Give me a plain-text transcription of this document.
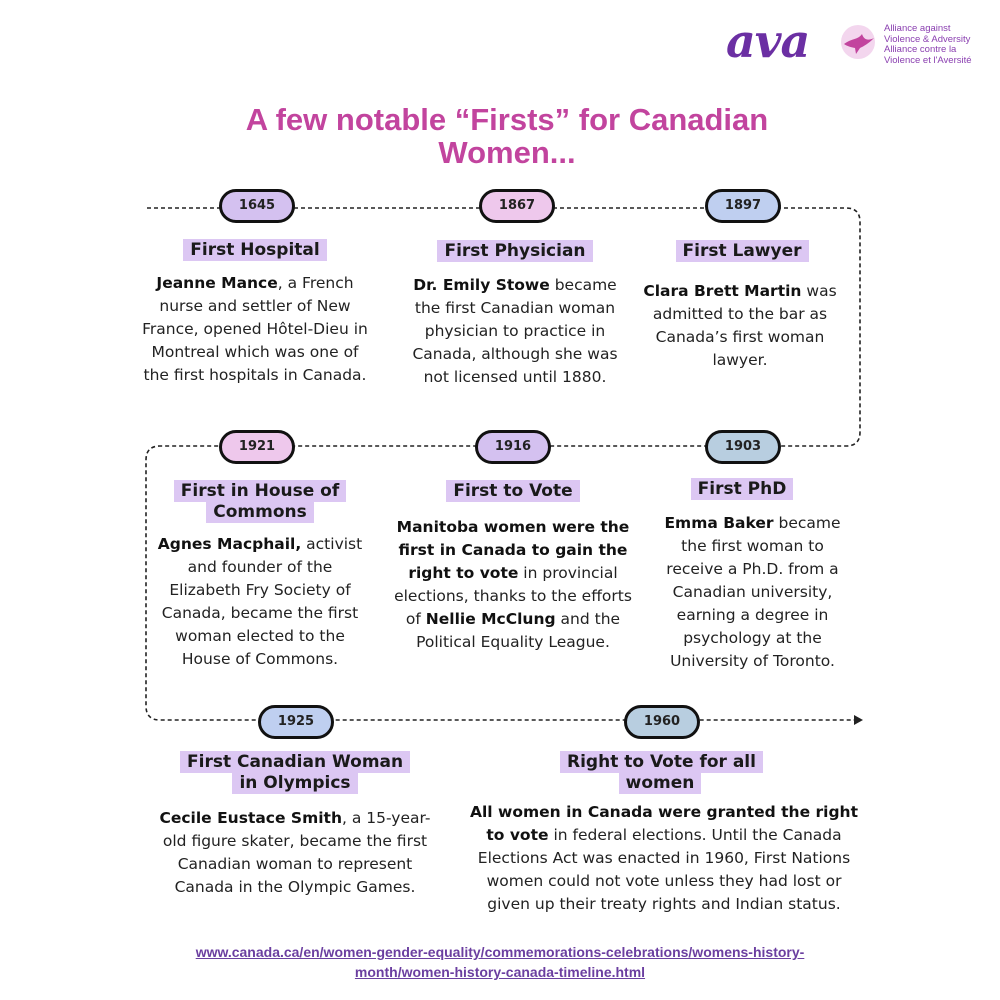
ava	Alliance against
Violence & Adversity
Alliance contre la
Violence et l'Aversité
A few notable “Firsts” for Canadian
Women...
1645	1867	1897
1921	1916	1903
1925	1960
First Hospital	First Physician	First Lawyer
First in House of Commons
First to Vote	First PhD
First Canadian Woman in Olympics
Right to Vote for all women
Jeanne Mance, a French nurse and settler of New France, opened Hôtel-Dieu in Montreal which was one of the first hospitals in Canada.
Dr. Emily Stowe became the first Canadian woman physician to practice in Canada, although she was not licensed until 1880.
Clara Brett Martin was admitted to the bar as Canada’s first woman lawyer.
Agnes Macphail, activist and founder of the Elizabeth Fry Society of Canada, became the first woman elected to the House of Commons.
Manitoba women were the first in Canada to gain the right to vote in provincial elections, thanks to the efforts of Nellie McClung and the Political Equality League.
Emma Baker became the first woman to receive a Ph.D. from a Canadian university, earning a degree in psychology at the University of Toronto.
Cecile Eustace Smith, a 15-year-old figure skater, became the first Canadian woman to represent Canada in the Olympic Games.
All women in Canada were granted the right to vote in federal elections. Until the Canada Elections Act was enacted in 1960, First Nations women could not vote unless they had lost or given up their treaty rights and Indian status.
www.canada.ca/en/women-gender-equality/commemorations-celebrations/womens-history-month/women-history-canada-timeline.html
